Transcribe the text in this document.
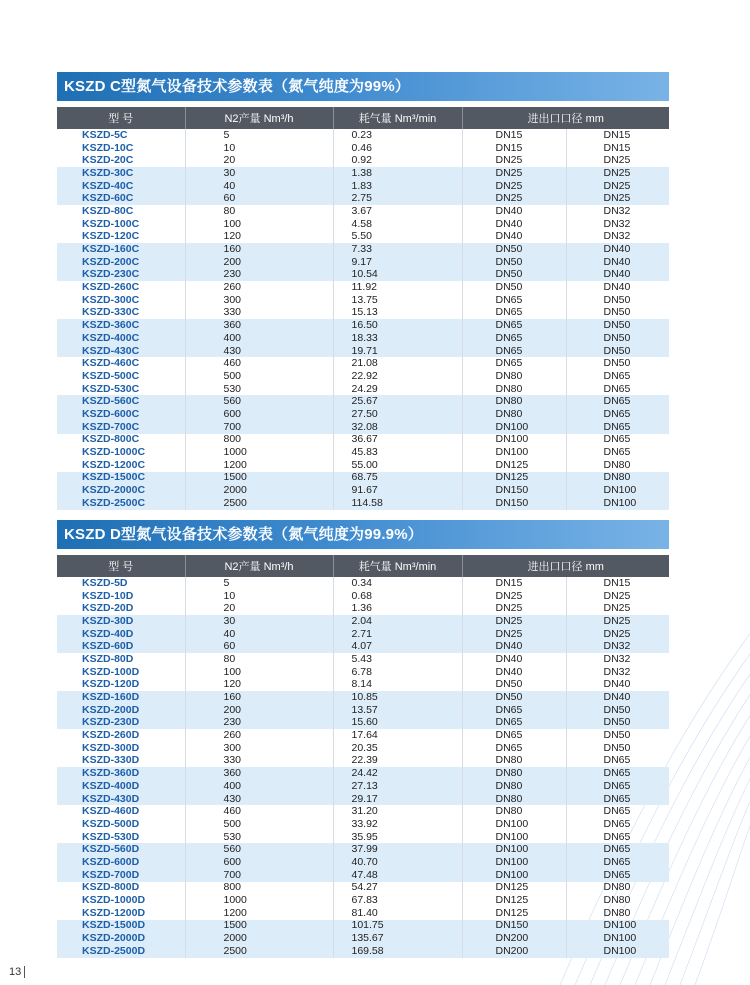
KSZD C型氮气设备技术参数表（氮气纯度为99%）
型 号	N2产量 Nm³/h	耗气量 Nm³/min	进出口口径 mm	
KSZD-5C	5	0.23	DN15	DN15
KSZD-10C	10	0.46	DN15	DN15
KSZD-20C	20	0.92	DN25	DN25
KSZD-30C	30	1.38	DN25	DN25
KSZD-40C	40	1.83	DN25	DN25
KSZD-60C	60	2.75	DN25	DN25
KSZD-80C	80	3.67	DN40	DN32
KSZD-100C	100	4.58	DN40	DN32
KSZD-120C	120	5.50	DN40	DN32
KSZD-160C	160	7.33	DN50	DN40
KSZD-200C	200	9.17	DN50	DN40
KSZD-230C	230	10.54	DN50	DN40
KSZD-260C	260	11.92	DN50	DN40
KSZD-300C	300	13.75	DN65	DN50
KSZD-330C	330	15.13	DN65	DN50
KSZD-360C	360	16.50	DN65	DN50
KSZD-400C	400	18.33	DN65	DN50
KSZD-430C	430	19.71	DN65	DN50
KSZD-460C	460	21.08	DN65	DN50
KSZD-500C	500	22.92	DN80	DN65
KSZD-530C	530	24.29	DN80	DN65
KSZD-560C	560	25.67	DN80	DN65
KSZD-600C	600	27.50	DN80	DN65
KSZD-700C	700	32.08	DN100	DN65
KSZD-800C	800	36.67	DN100	DN65
KSZD-1000C	1000	45.83	DN100	DN65
KSZD-1200C	1200	55.00	DN125	DN80
KSZD-1500C	1500	68.75	DN125	DN80
KSZD-2000C	2000	91.67	DN150	DN100
KSZD-2500C	2500	114.58	DN150	DN100
KSZD D型氮气设备技术参数表（氮气纯度为99.9%）
型 号	N2产量 Nm³/h	耗气量 Nm³/min	进出口口径 mm	
KSZD-5D	5	0.34	DN15	DN15
KSZD-10D	10	0.68	DN25	DN25
KSZD-20D	20	1.36	DN25	DN25
KSZD-30D	30	2.04	DN25	DN25
KSZD-40D	40	2.71	DN25	DN25
KSZD-60D	60	4.07	DN40	DN32
KSZD-80D	80	5.43	DN40	DN32
KSZD-100D	100	6.78	DN40	DN32
KSZD-120D	120	8.14	DN50	DN40
KSZD-160D	160	10.85	DN50	DN40
KSZD-200D	200	13.57	DN65	DN50
KSZD-230D	230	15.60	DN65	DN50
KSZD-260D	260	17.64	DN65	DN50
KSZD-300D	300	20.35	DN65	DN50
KSZD-330D	330	22.39	DN80	DN65
KSZD-360D	360	24.42	DN80	DN65
KSZD-400D	400	27.13	DN80	DN65
KSZD-430D	430	29.17	DN80	DN65
KSZD-460D	460	31.20	DN80	DN65
KSZD-500D	500	33.92	DN100	DN65
KSZD-530D	530	35.95	DN100	DN65
KSZD-560D	560	37.99	DN100	DN65
KSZD-600D	600	40.70	DN100	DN65
KSZD-700D	700	47.48	DN100	DN65
KSZD-800D	800	54.27	DN125	DN80
KSZD-1000D	1000	67.83	DN125	DN80
KSZD-1200D	1200	81.40	DN125	DN80
KSZD-1500D	1500	101.75	DN150	DN100
KSZD-2000D	2000	135.67	DN200	DN100
KSZD-2500D	2500	169.58	DN200	DN100
13
